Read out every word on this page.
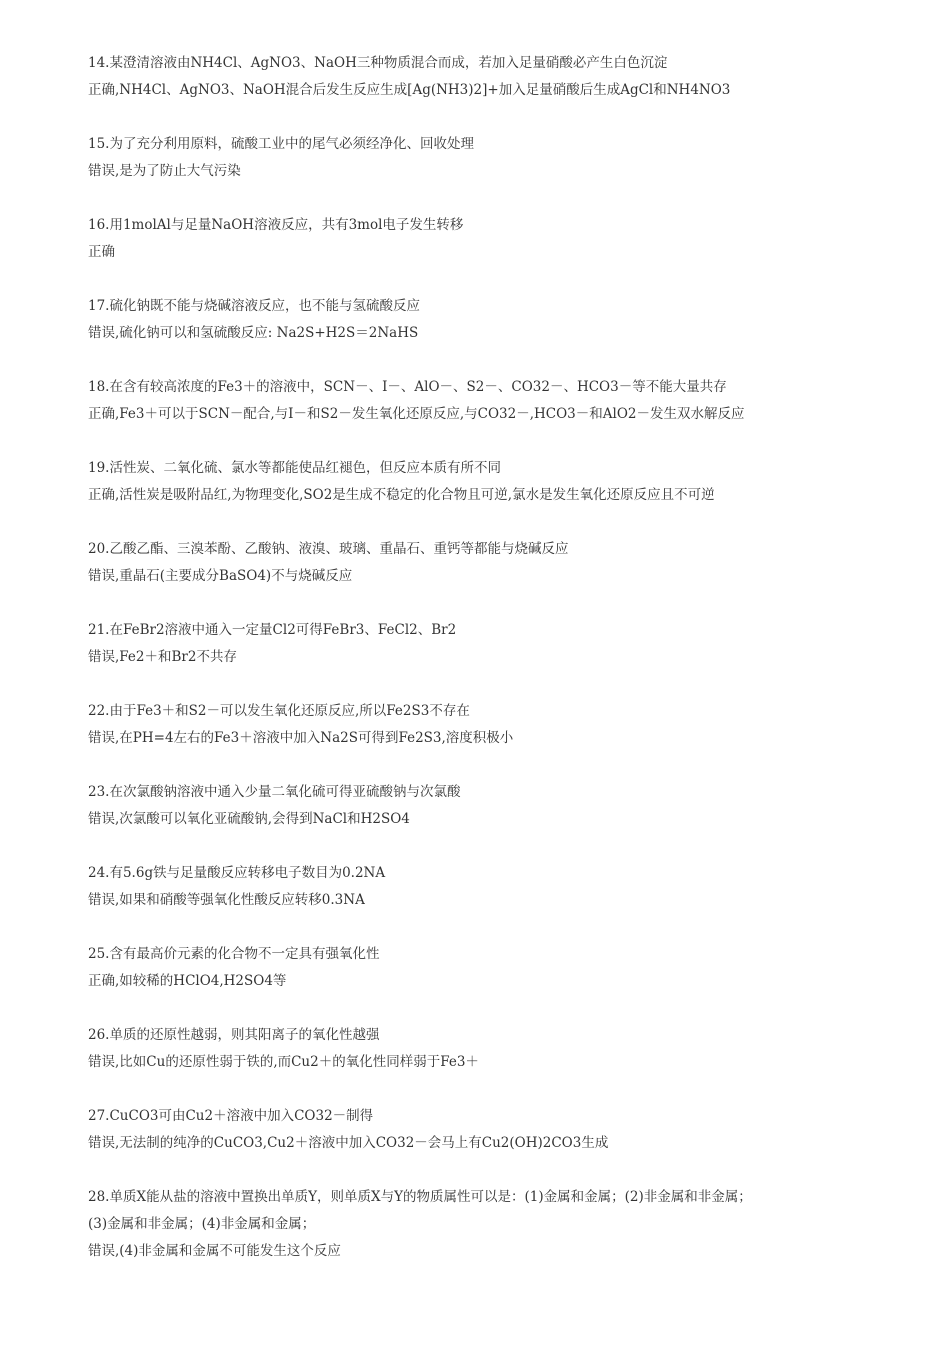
14.某澄清溶液由NH4Cl、AgNO3、NaOH三种物质混合而成，若加入足量硝酸必产生白色沉淀
正确,NH4Cl、AgNO3、NaOH混合后发生反应生成[Ag(NH3)2]+加入足量硝酸后生成AgCl和NH4NO3
15.为了充分利用原料，硫酸工业中的尾气必须经净化、回收处理
错误,是为了防止大气污染
16.用1molAl与足量NaOH溶液反应，共有3mol电子发生转移
正确
17.硫化钠既不能与烧碱溶液反应，也不能与氢硫酸反应
错误,硫化钠可以和氢硫酸反应: Na2S+H2S＝2NaHS
18.在含有较高浓度的Fe3＋的溶液中，SCN－、I－、AlO－、S2－、CO32－、HCO3－等不能大量共存
正确,Fe3＋可以于SCN－配合,与I－和S2－发生氧化还原反应,与CO32－,HCO3－和AlO2－发生双水解反应
19.活性炭、二氧化硫、氯水等都能使品红褪色，但反应本质有所不同
正确,活性炭是吸附品红,为物理变化,SO2是生成不稳定的化合物且可逆,氯水是发生氧化还原反应且不可逆
20.乙酸乙酯、三溴苯酚、乙酸钠、液溴、玻璃、重晶石、重钙等都能与烧碱反应
错误,重晶石(主要成分BaSO4)不与烧碱反应
21.在FeBr2溶液中通入一定量Cl2可得FeBr3、FeCl2、Br2
错误,Fe2＋和Br2不共存
22.由于Fe3＋和S2－可以发生氧化还原反应,所以Fe2S3不存在
错误,在PH=4左右的Fe3＋溶液中加入Na2S可得到Fe2S3,溶度积极小
23.在次氯酸钠溶液中通入少量二氧化硫可得亚硫酸钠与次氯酸
错误,次氯酸可以氧化亚硫酸钠,会得到NaCl和H2SO4
24.有5.6g铁与足量酸反应转移电子数目为0.2NA
错误,如果和硝酸等强氧化性酸反应转移0.3NA
25.含有最高价元素的化合物不一定具有强氧化性
正确,如较稀的HClO4,H2SO4等
26.单质的还原性越弱，则其阳离子的氧化性越强
错误,比如Cu的还原性弱于铁的,而Cu2＋的氧化性同样弱于Fe3＋
27.CuCO3可由Cu2＋溶液中加入CO32－制得
错误,无法制的纯净的CuCO3,Cu2＋溶液中加入CO32－会马上有Cu2(OH)2CO3生成
28.单质X能从盐的溶液中置换出单质Y，则单质X与Y的物质属性可以是：(1)金属和金属；(2)非金属和非金属；
(3)金属和非金属；(4)非金属和金属；
错误,(4)非金属和金属不可能发生这个反应
